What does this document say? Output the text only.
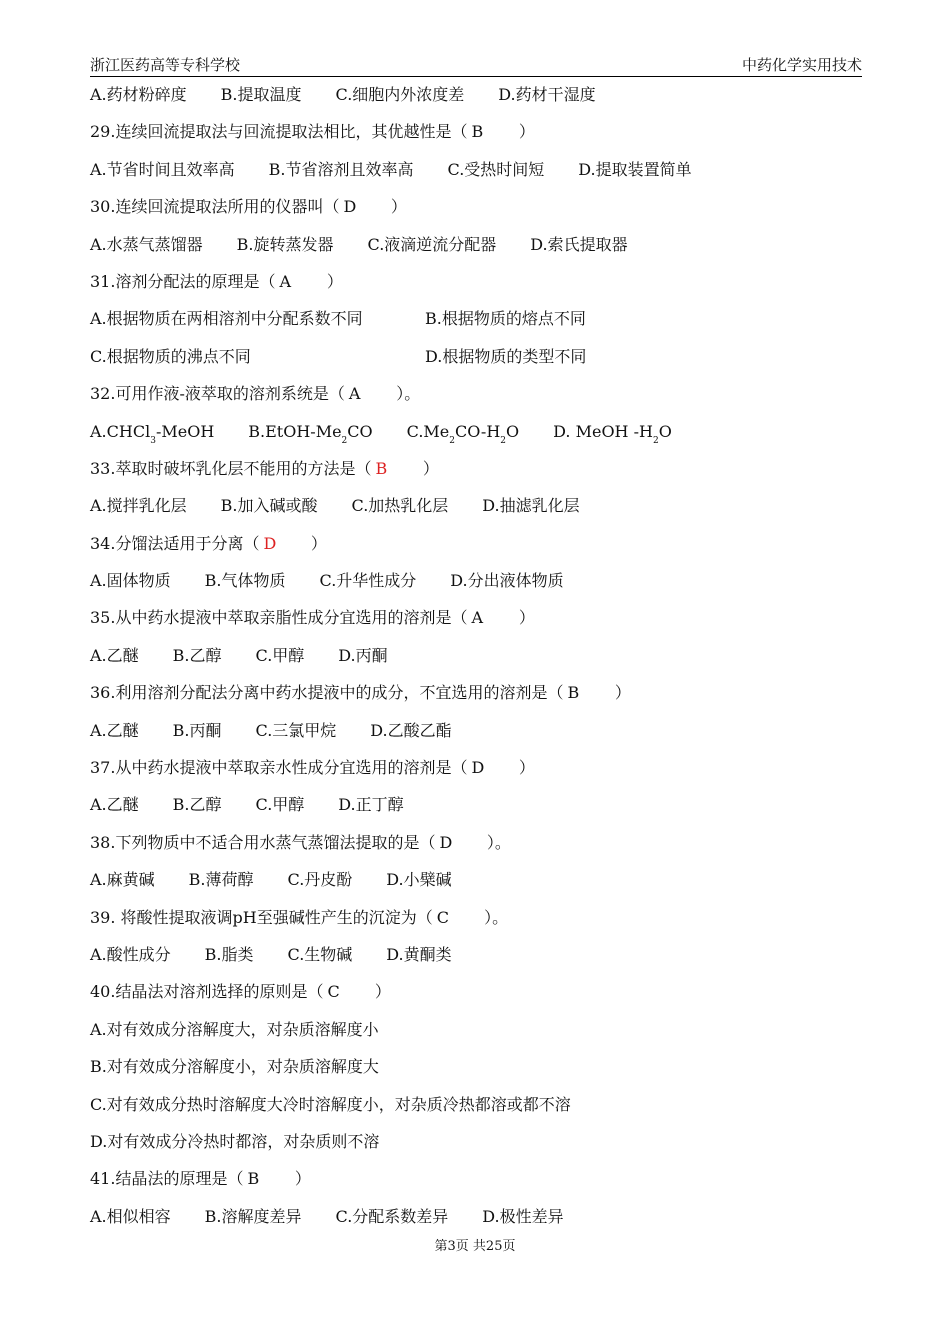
浙江医药高等专科学校	中药化学实用技术
A.药材粉碎度 B.提取温度 C.细胞内外浓度差 D.药材干湿度
29.连续回流提取法与回流提取法相比，其优越性是（ B ）
A.节省时间且效率高 B.节省溶剂且效率高 C.受热时间短 D.提取装置简单
30.连续回流提取法所用的仪器叫（ D ）
A.水蒸气蒸馏器 B.旋转蒸发器 C.液滴逆流分配器 D.索氏提取器
31.溶剂分配法的原理是（ A ）
A.根据物质在两相溶剂中分配系数不同	B.根据物质的熔点不同
C.根据物质的沸点不同	D.根据物质的类型不同
32.可用作液-液萃取的溶剂系统是（ A ）。
A.CHCl$_3$-MeOH $B.EtOH-Me_2CO$ $C.Me_2CO-H_2O$ D. MeOH $-H_2O$
33.萃取时破坏乳化层不能用的方法是（ B ）
A.搅拌乳化层 B.加入碱或酸 C.加热乳化层 D.抽滤乳化层
34.分馏法适用于分离（ D ）
A.固体物质 B.气体物质 C.升华性成分 D.分出液体物质
35.从中药水提液中萃取亲脂性成分宜选用的溶剂是（ A ）
A.乙醚 B.乙醇 C.甲醇 D.丙酮
36.利用溶剂分配法分离中药水提液中的成分，不宜选用的溶剂是（ B ）
A.乙醚 B.丙酮 C.三氯甲烷 D.乙酸乙酯
37.从中药水提液中萃取亲水性成分宜选用的溶剂是（ D ）
A.乙醚 B.乙醇 C.甲醇 D.正丁醇
38.下列物质中不适合用水蒸气蒸馏法提取的是（ D ）。
A.麻黄碱 B.薄荷醇 C.丹皮酚 D.小檗碱
39. 将酸性提取液调pH至强碱性产生的沉淀为（ C ）。
A.酸性成分 B.脂类 C.生物碱 D.黄酮类
40.结晶法对溶剂选择的原则是（ C ）
A.对有效成分溶解度大，对杂质溶解度小
B.对有效成分溶解度小，对杂质溶解度大
C.对有效成分热时溶解度大冷时溶解度小，对杂质冷热都溶或都不溶
D.对有效成分冷热时都溶，对杂质则不溶
41.结晶法的原理是（ B ）
A.相似相容 B.溶解度差异 C.分配系数差异 D.极性差异
第3页 共25页
